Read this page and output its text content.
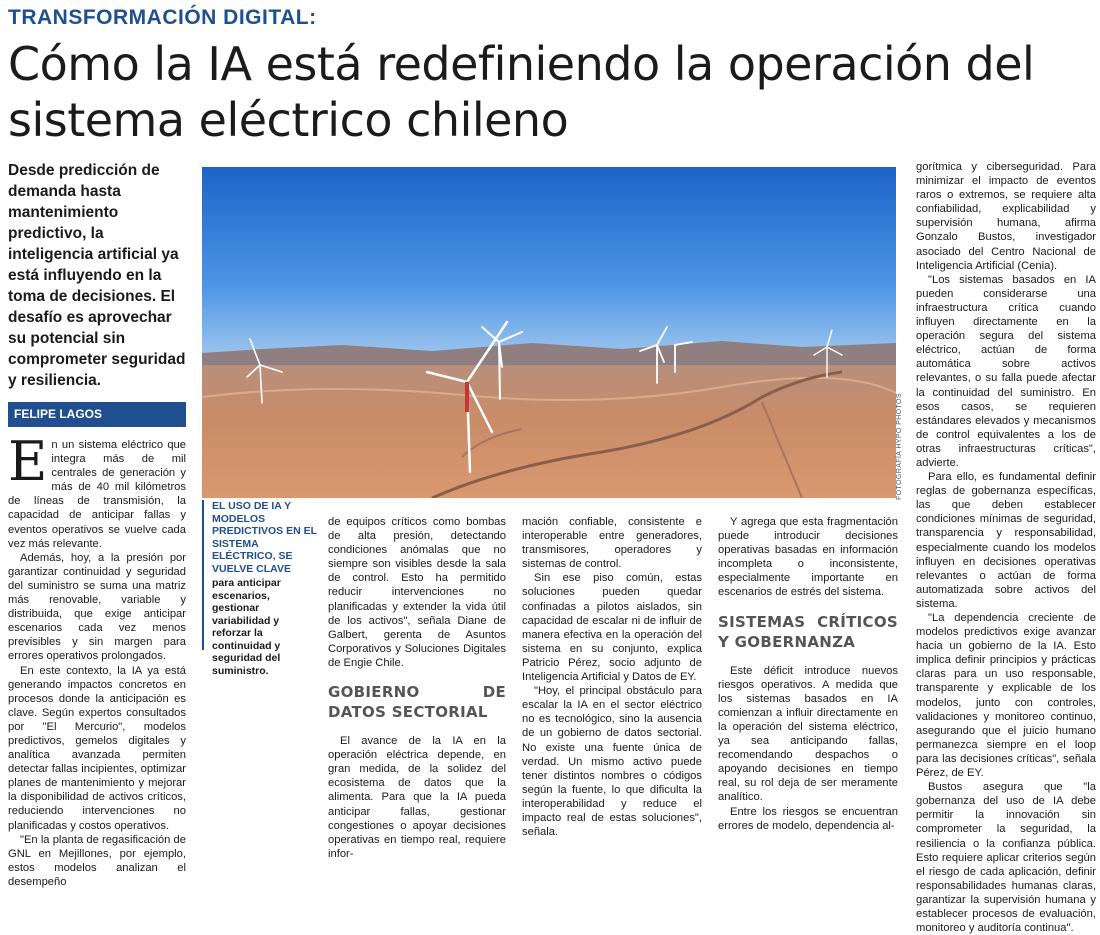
TRANSFORMACIÓN DIGITAL:
Cómo la IA está redefiniendo la operación del sistema eléctrico chileno
Desde predicción de demanda hasta mantenimiento predictivo, la inteligencia artificial ya está influyendo en la toma de decisiones. El desafío es aprovechar su potencial sin comprometer seguridad y resiliencia.
FELIPE LAGOS
E n un sistema eléctrico que integra más de mil centrales de generación y más de 40 mil kilómetros de líneas de transmisión, la capacidad de anticipar fallas y eventos operativos se vuelve cada vez más relevante.

Además, hoy, a la presión por garantizar continuidad y seguridad del suministro se suma una matriz más renovable, variable y distribuida, que exige anticipar escenarios cada vez menos previsibles y sin margen para errores operativos prolongados.

En este contexto, la IA ya está generando impactos concretos en procesos donde la anticipación es clave. Según expertos consultados por "El Mercurio", modelos predictivos, gemelos digitales y analítica avanzada permiten detectar fallas incipientes, optimizar planes de mantenimiento y mejorar la disponibilidad de activos críticos, reduciendo intervenciones no planificadas y costos operativos.

"En la planta de regasificación de GNL en Mejillones, por ejemplo, estos modelos analizan el desempeño

FOTOGRAFÍA HYPO PHOTOS
EL USO DE IA Y MODELOS PREDICTIVOS EN EL SISTEMA ELÉCTRICO, SE VUELVE CLAVE
para anticipar escenarios, gestionar variabilidad y reforzar la continuidad y seguridad del suministro.

de equipos críticos como bombas de alta presión, detectando condiciones anómalas que no siempre son visibles desde la sala de control. Esto ha permitido reducir intervenciones no planificadas y extender la vida útil de los activos", señala Diane de Galbert, gerenta de Asuntos Corporativos y Soluciones Digitales de Engie Chile.

GOBIERNO DE DATOS SECTORIAL

El avance de la IA en la operación eléctrica depende, en gran medida, de la solidez del ecosistema de datos que la alimenta. Para que la IA pueda anticipar fallas, gestionar congestiones o apoyar decisiones operativas en tiempo real, requiere infor-

mación confiable, consistente e interoperable entre generadores, transmisores, operadores y sistemas de control.

Sin ese piso común, estas soluciones pueden quedar confinadas a pilotos aislados, sin capacidad de escalar ni de influir de manera efectiva en la operación del sistema en su conjunto, explica Patricio Pérez, socio adjunto de Inteligencia Artificial y Datos de EY.

"Hoy, el principal obstáculo para escalar la IA en el sector eléctrico no es tecnológico, sino la ausencia de un gobierno de datos sectorial. No existe una fuente única de verdad. Un mismo activo puede tener distintos nombres o códigos según la fuente, lo que dificulta la interoperabilidad y reduce el impacto real de estas soluciones", señala.

Y agrega que esta fragmentación puede introducir decisiones operativas basadas en información incompleta o inconsistente, especialmente importante en escenarios de estrés del sistema.

SISTEMAS CRÍTICOS Y GOBERNANZA

Este déficit introduce nuevos riesgos operativos. A medida que los sistemas basados en IA comienzan a influir directamente en la operación del sistema eléctrico, ya sea anticipando fallas, recomendando despachos o apoyando decisiones en tiempo real, su rol deja de ser meramente analítico.

Entre los riesgos se encuentran errores de modelo, dependencia al-

gorítmica y ciberseguridad. Para minimizar el impacto de eventos raros o extremos, se requiere alta confiabilidad, explicabilidad y supervisión humana, afirma Gonzalo Bustos, investigador asociado del Centro Nacional de Inteligencia Artificial (Cenia).

"Los sistemas basados en IA pueden considerarse una infraestructura crítica cuando influyen directamente en la operación segura del sistema eléctrico, actúan de forma automática sobre activos relevantes, o su falla puede afectar la continuidad del suministro. En esos casos, se requieren estándares elevados y mecanismos de control equivalentes a los de otras infraestructuras críticas", advierte.

Para ello, es fundamental definir reglas de gobernanza específicas, las que deben establecer condiciones mínimas de seguridad, transparencia y responsabilidad, especialmente cuando los modelos influyen en decisiones operativas relevantes o actúan de forma automatizada sobre activos del sistema.

"La dependencia creciente de modelos predictivos exige avanzar hacia un gobierno de la IA. Esto implica definir principios y prácticas claras para un uso responsable, transparente y explicable de los modelos, junto con controles, validaciones y monitoreo continuo, asegurando que el juicio humano permanezca siempre en el loop para las decisiones críticas", señala Pérez, de EY.

Bustos asegura que "la gobernanza del uso de IA debe permitir la innovación sin comprometer la seguridad, la resiliencia o la confianza pública. Esto requiere aplicar criterios según el riesgo de cada aplicación, definir responsabilidades humanas claras, garantizar la supervisión humana y establecer procesos de evaluación, monitoreo y auditoría continua".
